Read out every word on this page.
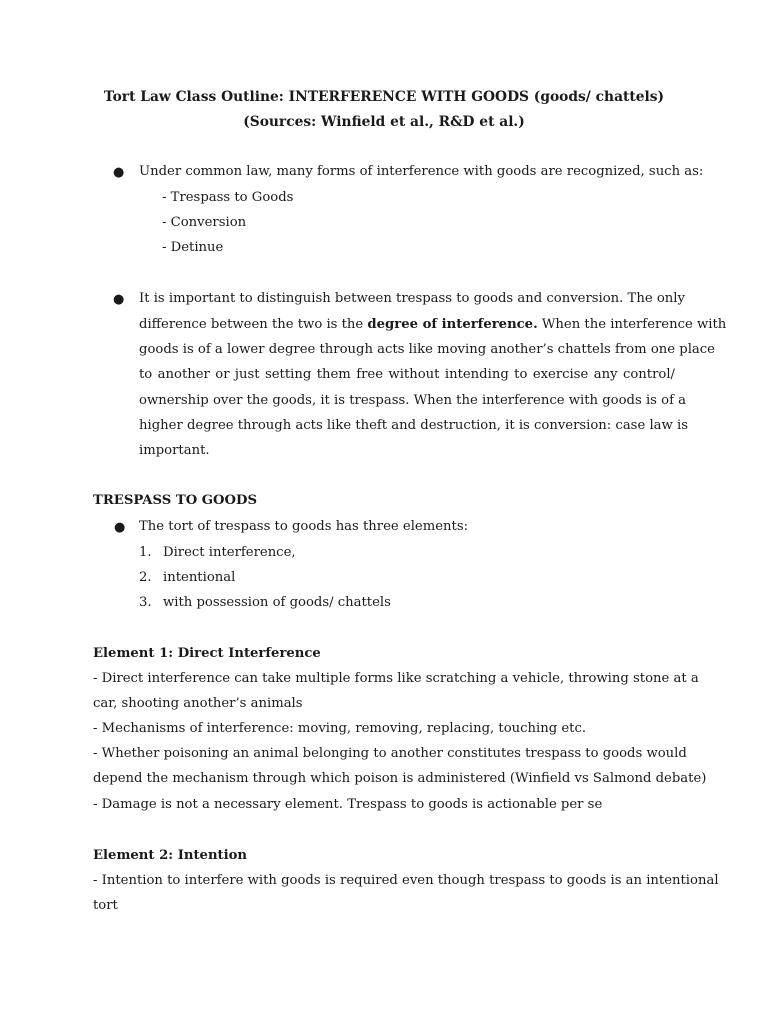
Tort Law Class Outline: INTERFERENCE WITH GOODS (goods/ chattels)
(Sources: Winfield et al., R&D et al.)
● Under common law, many forms of interference with goods are recognized, such as:
- Trespass to Goods
- Conversion
- Detinue
● It is important to distinguish between trespass to goods and conversion. The only
difference between the two is the degree of interference. When the interference with
goods is of a lower degree through acts like moving another’s chattels from one place
to another or just setting them free without intending to exercise any control/
ownership over the goods, it is trespass. When the interference with goods is of a
higher degree through acts like theft and destruction, it is conversion: case law is
important.
TRESPASS TO GOODS
● The tort of trespass to goods has three elements:
1. Direct interference,
2. intentional
3. with possession of goods/ chattels
Element 1: Direct Interference
- Direct interference can take multiple forms like scratching a vehicle, throwing stone at a
car, shooting another’s animals
- Mechanisms of interference: moving, removing, replacing, touching etc.
- Whether poisoning an animal belonging to another constitutes trespass to goods would
depend the mechanism through which poison is administered (Winfield vs Salmond debate)
- Damage is not a necessary element. Trespass to goods is actionable per se
Element 2: Intention
- Intention to interfere with goods is required even though trespass to goods is an intentional
tort
